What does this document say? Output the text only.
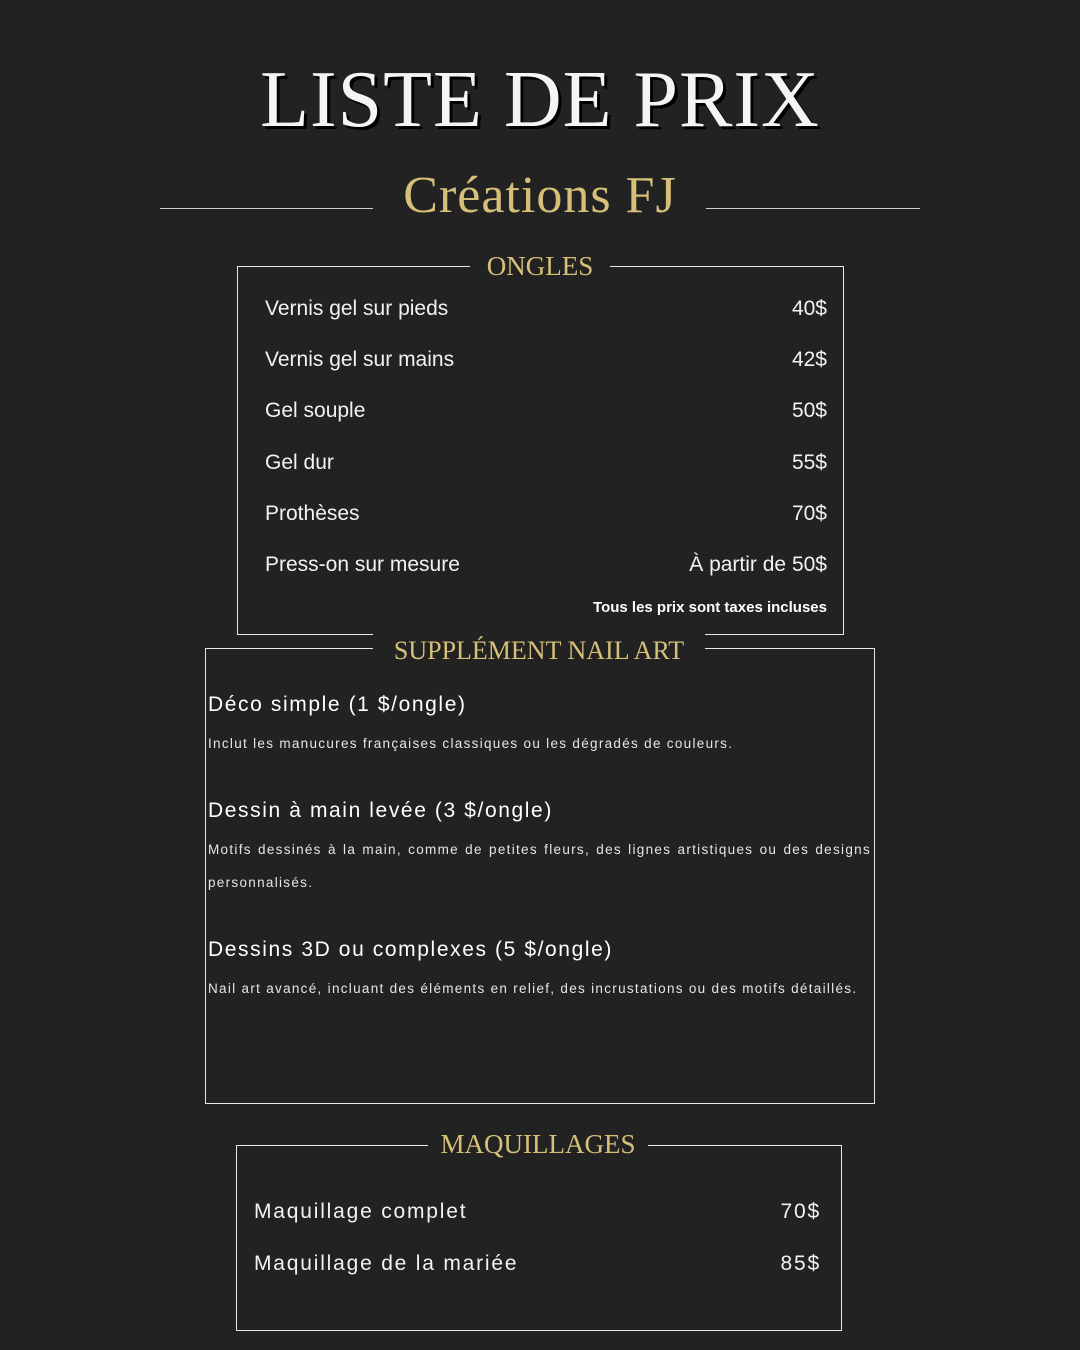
LISTE DE PRIX
Créations FJ
Vernis gel sur pieds	40$
Vernis gel sur mains	42$
Gel souple	50$
Gel dur	55$
Prothèses	70$
Press-on sur mesure	À partir de 50$
Tous les prix sont taxes incluses
ONGLES

Déco simple (1 $/ongle)

Inclut les manucures françaises classiques ou les dégradés de couleurs.

Dessin à main levée (3 $/ongle)

Motifs dessinés à la main, comme de petites fleurs, des lignes artistiques ou des designs personnalisés.

Dessins 3D ou complexes (5 $/ongle)

Nail art avancé, incluant des éléments en relief, des incrustations ou des motifs détaillés.

SUPPLÉMENT NAIL ART
Maquillage complet	70$
Maquillage de la mariée	85$
MAQUILLAGES
